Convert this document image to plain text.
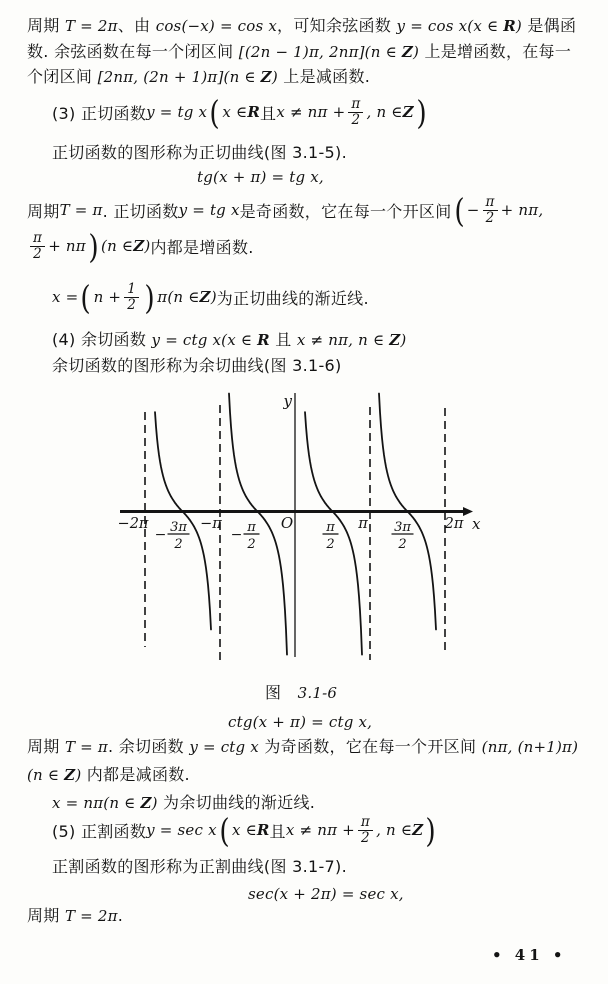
周期 T = 2π、由 cos(−x) = cos x，可知余弦函数 y = cos x(x ∈ R) 是偶函
数. 余弦函数在每一个闭区间 [(2n − 1)π, 2nπ](n ∈ Z) 上是增函数，在每一
个闭区间 [2nπ, (2n + 1)π](n ∈ Z) 上是减函数.
(3) 正切函数 y = tg x ( x ∈ R 且 $x \ne n\pi + \frac{\pi}{2}$ , n ∈ Z )
正切函数的图形称为正切曲线(图 3.1-5).
tg(x + π) = tg x,
周期 T = π . 正切函数 y = tg x 是奇函数，它在每一个开区间 ( − $\frac{\pi}{2} + n\pi$,
$\frac{\pi}{2} + n\pi$ ) (n ∈ Z ) 内都是增函数.
x = ( $n + \frac{1}{2}$ ) π(n ∈ Z ) 为正切曲线的渐近线.
(4) 余切函数 y = ctg x(x ∈ R 且 x ≠ nπ, n ∈ Z)
余切函数的图形称为余切曲线(图 3.1-6)
图　3.1-6
ctg(x + π) = ctg x,
周期 T = π. 余切函数 y = ctg x 为奇函数，它在每一个开区间 (nπ, (n+1)π)
(n ∈ Z) 内都是减函数.
x = nπ(n ∈ Z) 为余切曲线的渐近线.
(5) 正割函数 y = sec x ( x ∈ R 且 $x \ne n\pi + \frac{\pi}{2}$ , n ∈ Z )
正割函数的图形称为正割曲线(图 3.1-7).
sec(x + 2π) = sec x,
周期 T = 2π.
−2π
− 3π
2
−π
− π
2
π
2
π 3π
2
2π
y
x
O
• 41 •
